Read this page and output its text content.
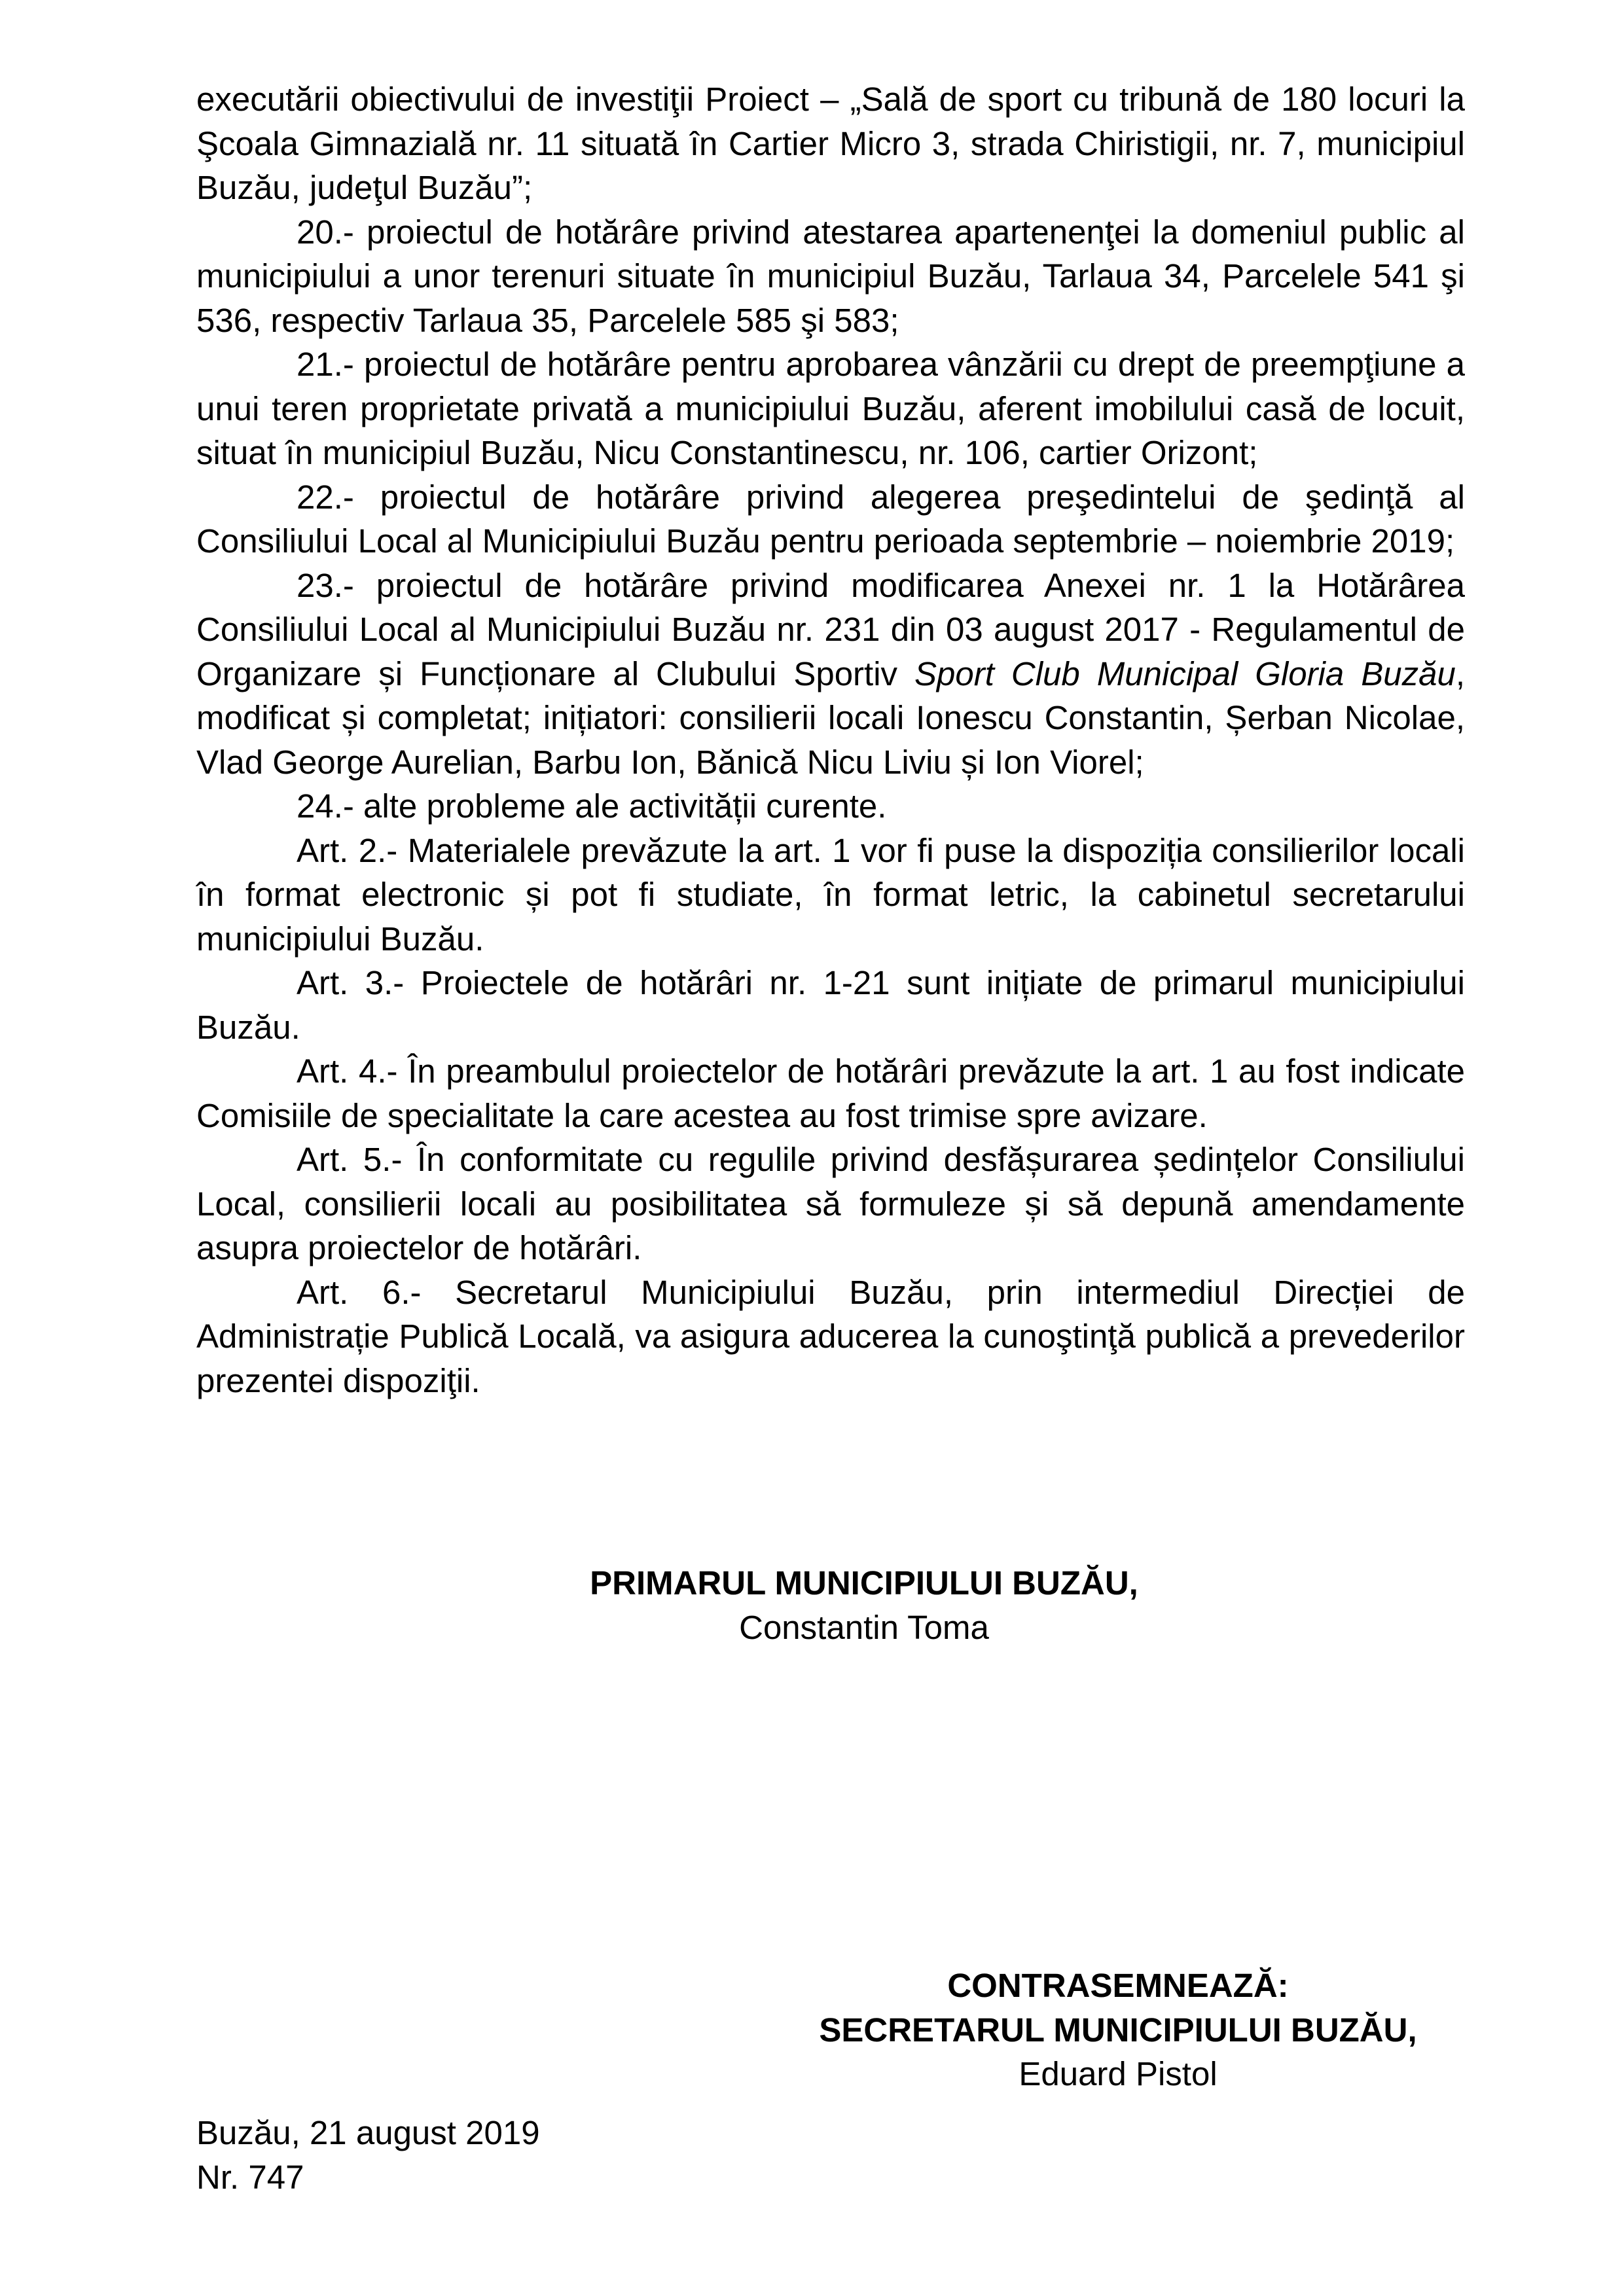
executării obiectivului de investiţii Proiect – „Sală de sport cu tribună de 180 locuri la Şcoala Gimnazială nr. 11 situată în Cartier Micro 3, strada Chiristigii, nr. 7, municipiul Buzău, judeţul Buzău”;

20.- proiectul de hotărâre privind atestarea apartenenţei la domeniul public al municipiului a unor terenuri situate în municipiul Buzău, Tarlaua 34, Parcelele 541 şi 536, respectiv Tarlaua 35, Parcelele 585 şi 583;

21.- proiectul de hotărâre pentru aprobarea vânzării cu drept de preempţiune a unui teren proprietate privată a municipiului Buzău, aferent imobilului casă de locuit, situat în municipiul Buzău, Nicu Constantinescu, nr. 106, cartier Orizont;

22.- proiectul de hotărâre privind alegerea preşedintelui de şedinţă al Consiliului Local al Municipiului Buzău pentru perioada septembrie – noiembrie 2019;

23.- proiectul de hotărâre privind modificarea Anexei nr. 1 la Hotărârea Consiliului Local al Municipiului Buzău nr. 231 din 03 august 2017 - Regulamentul de Organizare și Funcționare al Clubului Sportiv Sport Club Municipal Gloria Buzău, modificat și completat; inițiatori: consilierii locali Ionescu Constantin, Șerban Nicolae, Vlad George Aurelian, Barbu Ion, Bănică Nicu Liviu și Ion Viorel;

24.- alte probleme ale activității curente.

Art. 2.- Materialele prevăzute la art. 1 vor fi puse la dispoziția consilierilor locali în format electronic și pot fi studiate, în format letric, la cabinetul secretarului municipiului Buzău.

Art. 3.- Proiectele de hotărâri nr. 1-21 sunt inițiate de primarul municipiului Buzău.

Art. 4.- În preambulul proiectelor de hotărâri prevăzute la art. 1 au fost indicate Comisiile de specialitate la care acestea au fost trimise spre avizare.

Art. 5.- În conformitate cu regulile privind desfășurarea ședințelor Consiliului Local, consilierii locali au posibilitatea să formuleze și să depună amendamente asupra proiectelor de hotărâri.

Art. 6.- Secretarul Municipiului Buzău, prin intermediul Direcției de Administrație Publică Locală, va asigura aducerea la cunoştinţă publică a prevederilor prezentei dispoziţii.

PRIMARUL MUNICIPIULUI BUZĂU,
Constantin Toma
CONTRASEMNEAZĂ:
SECRETARUL MUNICIPIULUI BUZĂU,
Eduard Pistol
Buzău, 21 august 2019
Nr. 747
